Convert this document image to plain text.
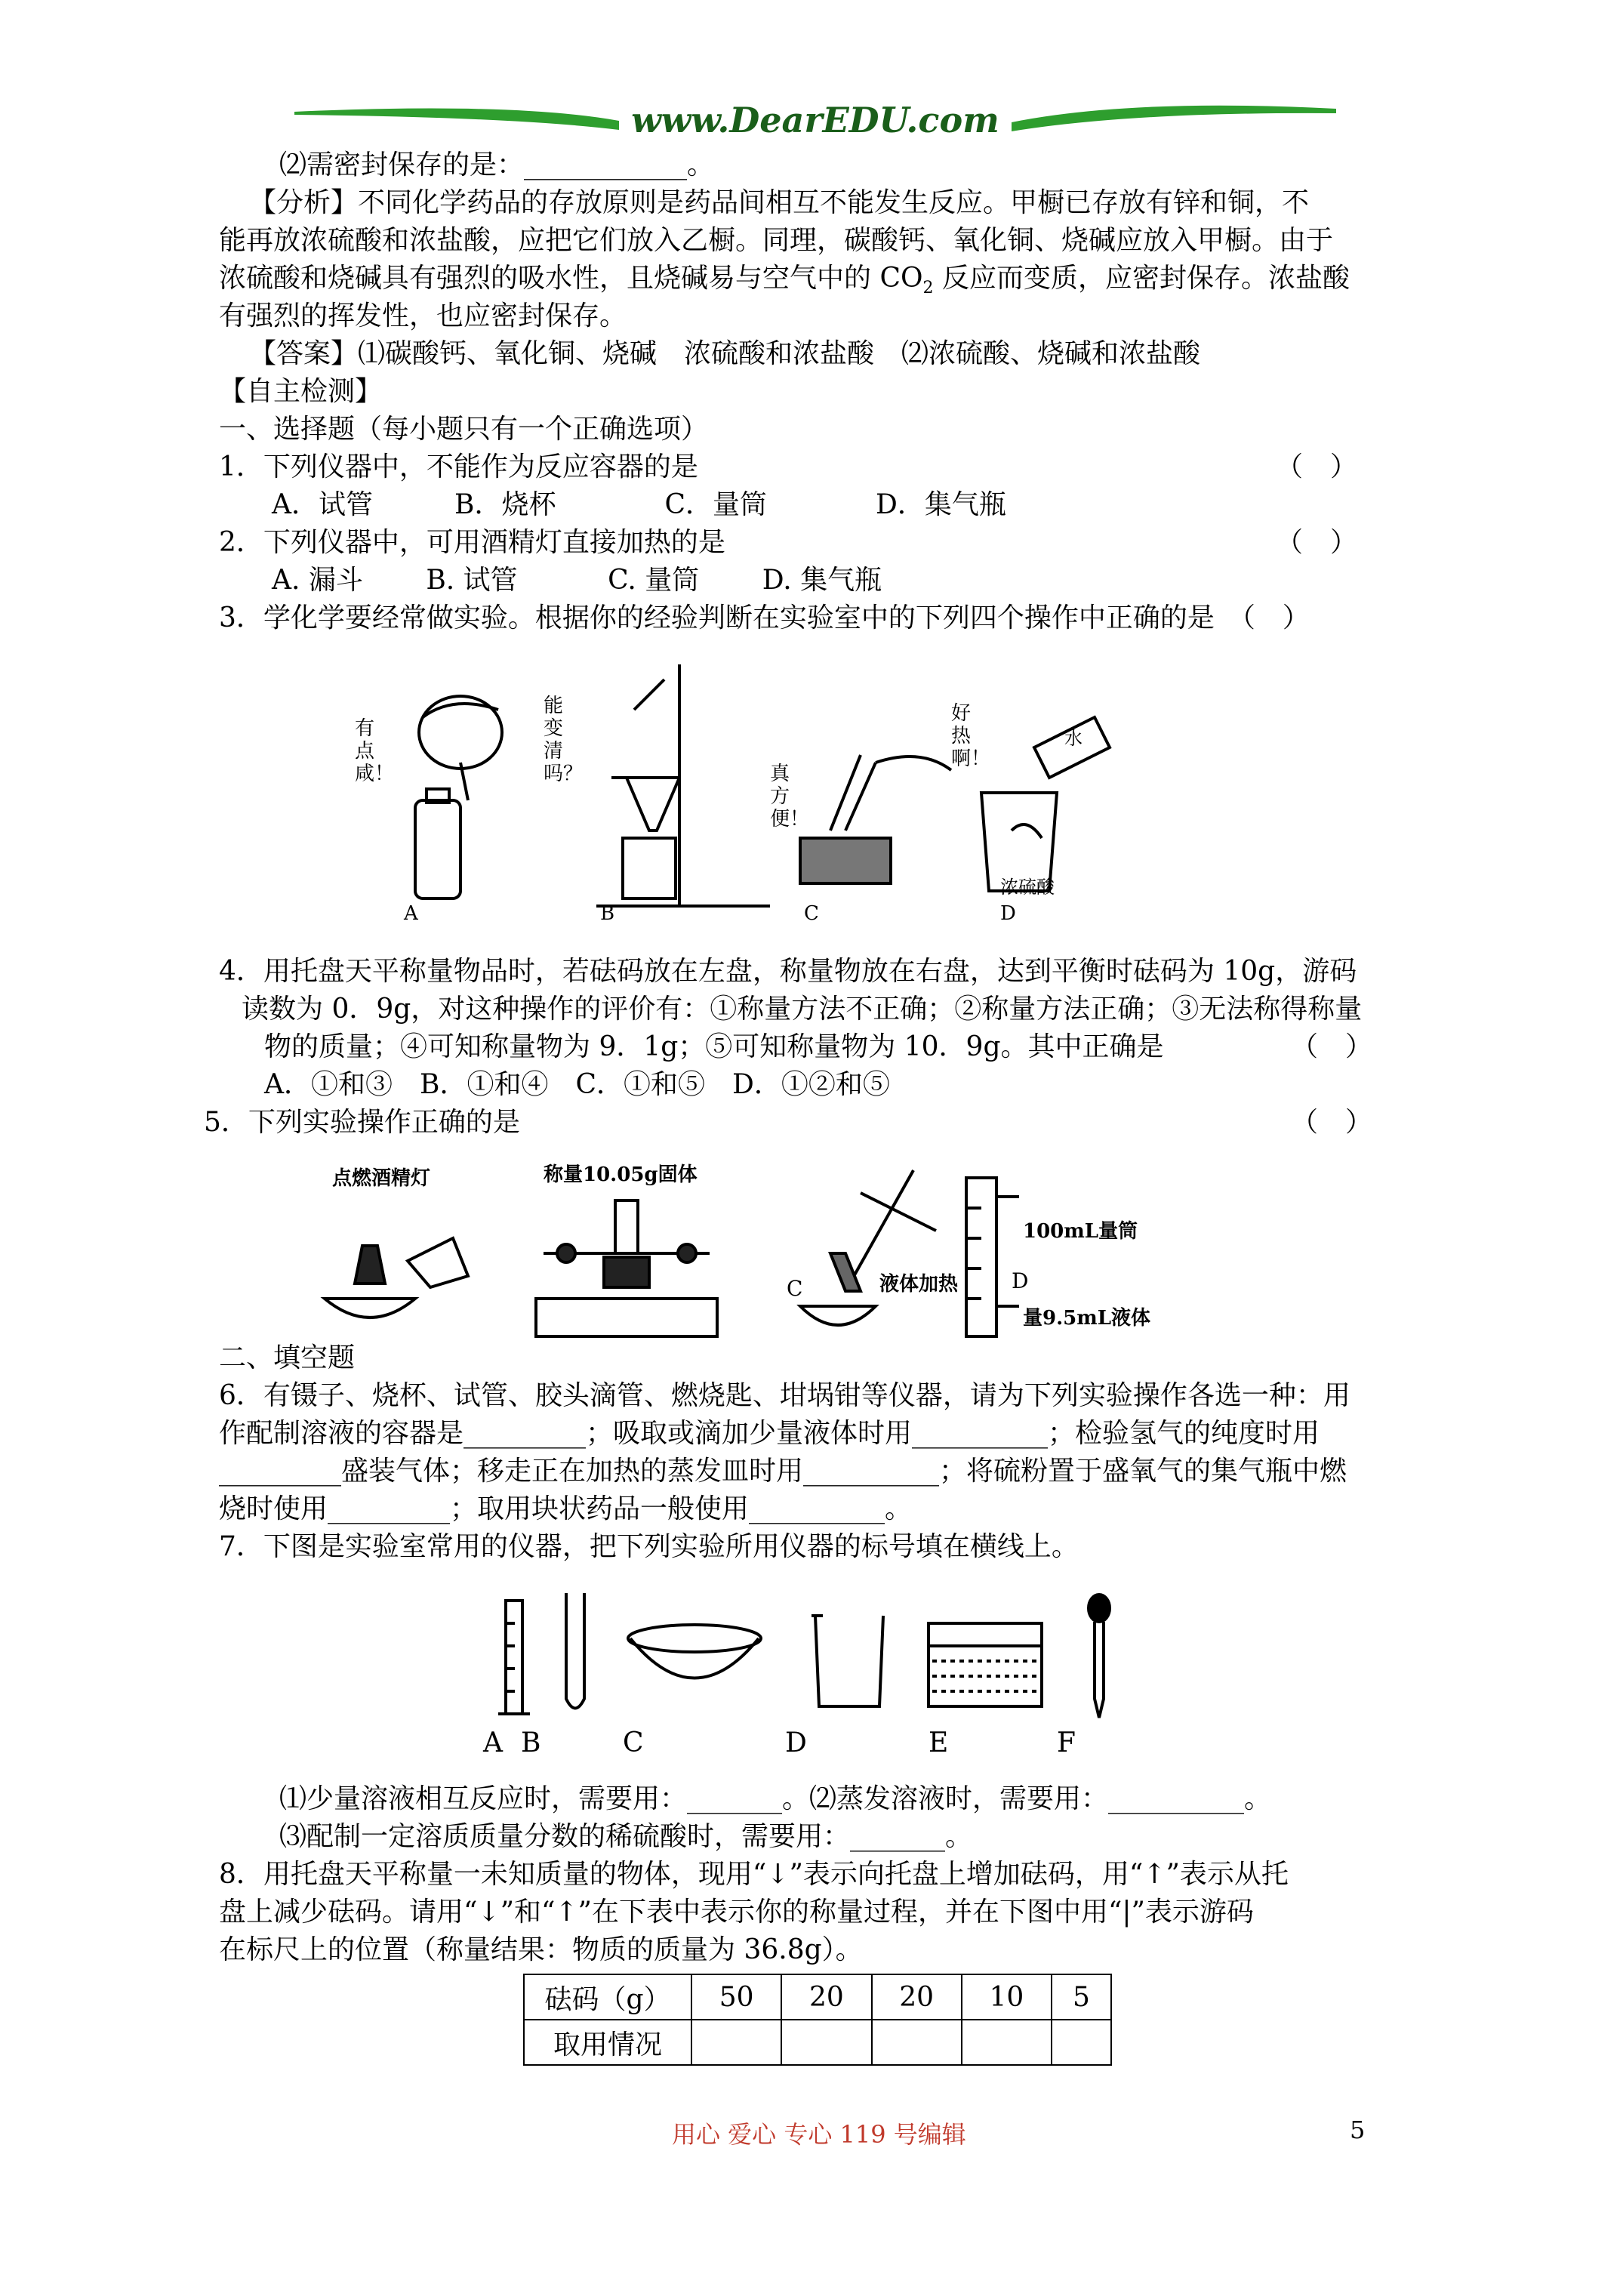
www.DearEDU.com
⑵需密封保存的是：____________。
【分析】不同化学药品的存放原则是药品间相互不能发生反应。甲橱已存放有锌和铜，不
能再放浓硫酸和浓盐酸，应把它们放入乙橱。同理，碳酸钙、氧化铜、烧碱应放入甲橱。由于
浓硫酸和烧碱具有强烈的吸水性，且烧碱易与空气中的 $CO_2$ 反应而变质，应密封保存。浓盐酸
有强烈的挥发性，也应密封保存。
【答案】⑴碳酸钙、氧化铜、烧碱　浓硫酸和浓盐酸　⑵浓硫酸、烧碱和浓盐酸
【自主检测】
一、选择题（每小题只有一个正确选项）
1．下列仪器中，不能作为反应容器的是	（　）
A．试管　　　B．烧杯　　　　C．量筒　　　　D．集气瓶
2．下列仪器中，可用酒精灯直接加热的是	（　）
A. 漏斗　　 B. 试管　　　 C. 量筒　　 D. 集气瓶
3．学化学要经常做实验。根据你的经验判断在实验室中的下列四个操作中正确的是　（　）
有点咸！
能变清吗？	真方便！
好热啊！
水
浓硫酸
A	B	C	D
4．用托盘天平称量物品时，若砝码放在左盘，称量物放在右盘，达到平衡时砝码为 10g，游码
读数为 0．9g，对这种操作的评价有：①称量方法不正确；②称量方法正确；③无法称得称量
物的质量；④可知称量物为 9．1g；⑤可知称量物为 10．9g。其中正确是	（　）
A．①和③　B．①和④　C．①和⑤　D．①②和⑤
5．下列实验操作正确的是	（　）
点燃酒精灯	称量10.05g固体
C	液体加热
100mL量筒
D
量9.5mL液体
二、填空题
6．有镊子、烧杯、试管、胶头滴管、燃烧匙、坩埚钳等仪器，请为下列实验操作各选一种：用
作配制溶液的容器是_________；吸取或滴加少量液体时用__________；检验氢气的纯度时用
_________盛装气体；移走正在加热的蒸发皿时用__________；将硫粉置于盛氧气的集气瓶中燃
烧时使用_________；取用块状药品一般使用__________。
7．下图是实验室常用的仪器，把下列实验所用仪器的标号填在横线上。
A B	C	D	E	F
⑴少量溶液相互反应时，需要用：_______。⑵蒸发溶液时，需要用：__________。
⑶配制一定溶质质量分数的稀硫酸时，需要用：_______。
8．用托盘天平称量一未知质量的物体，现用“↓”表示向托盘上增加砝码，用“↑”表示从托
盘上减少砝码。请用“↓”和“↑”在下表中表示你的称量过程，并在下图中用“|”表示游码
在标尺上的位置（称量结果：物质的质量为 36.8g）。
砝码（g）	50	20	20	10	5
取用情况					
用心 爱心 专心 119 号编辑	5
